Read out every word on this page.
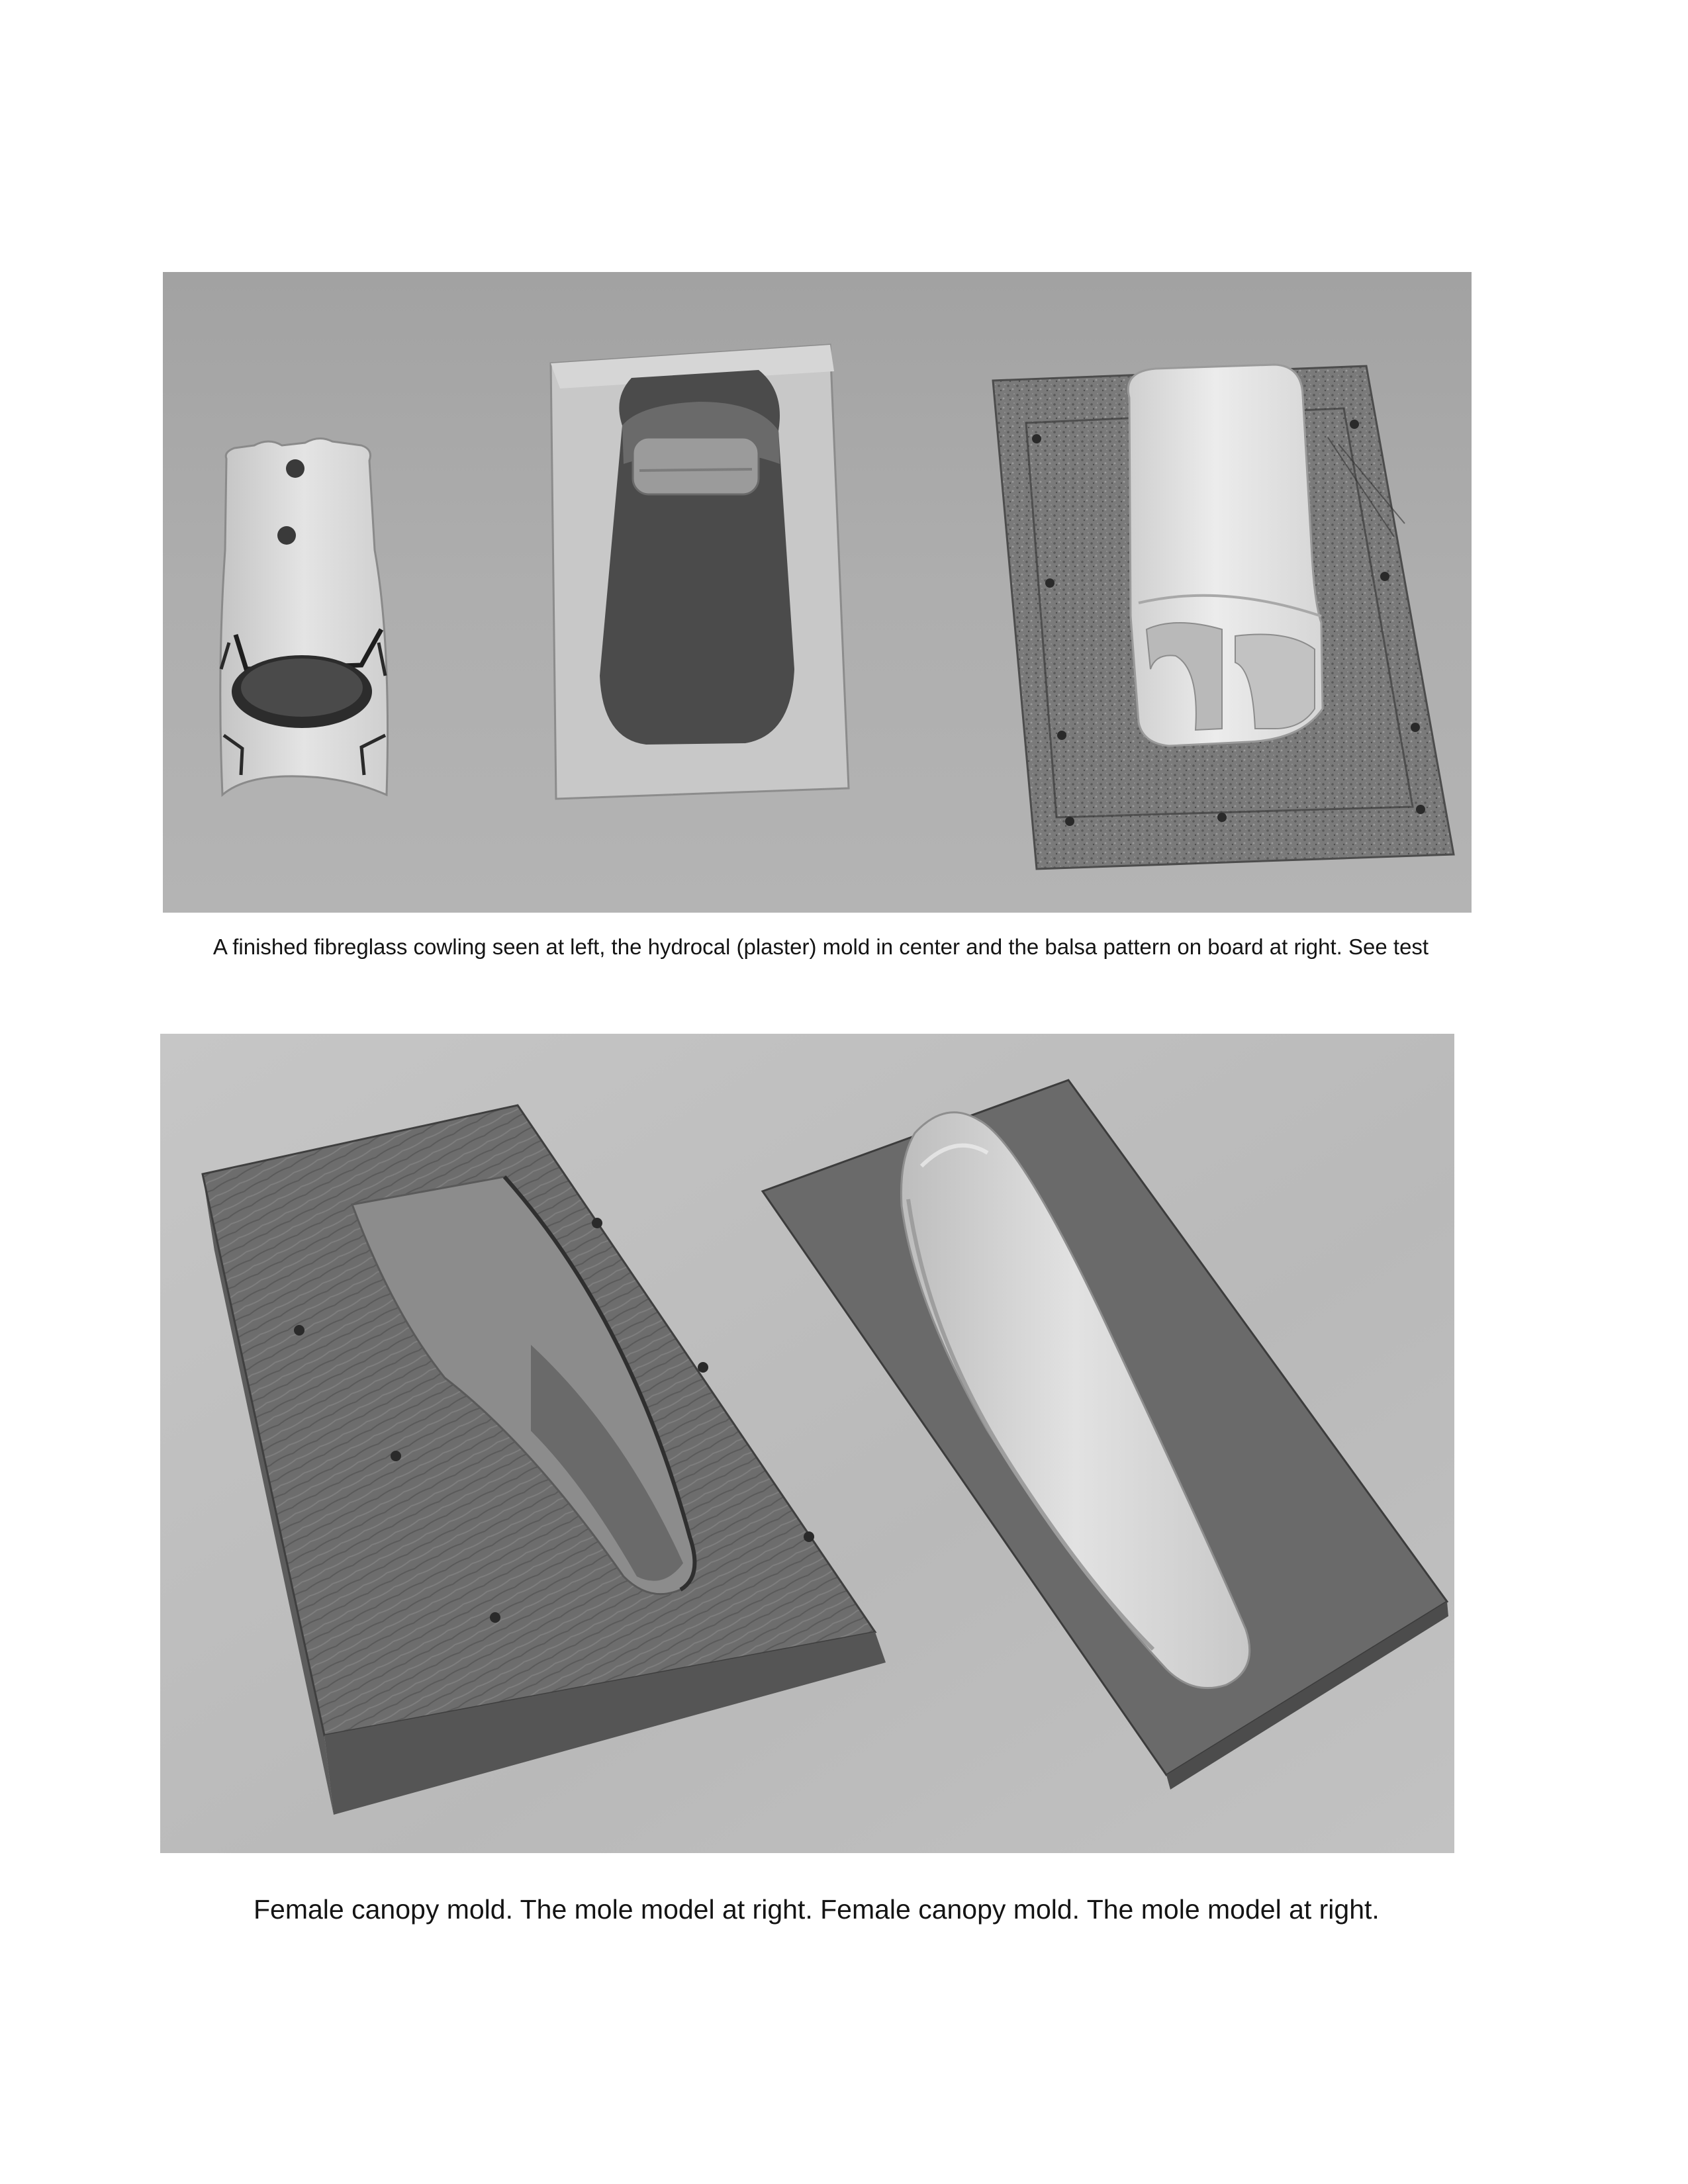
A finished fibreglass cowling seen at left, the hydrocal (plaster) mold in center and the balsa pattern on board at right. See test
Female canopy mold. The mole model at right. Female canopy mold. The mole model at right.
